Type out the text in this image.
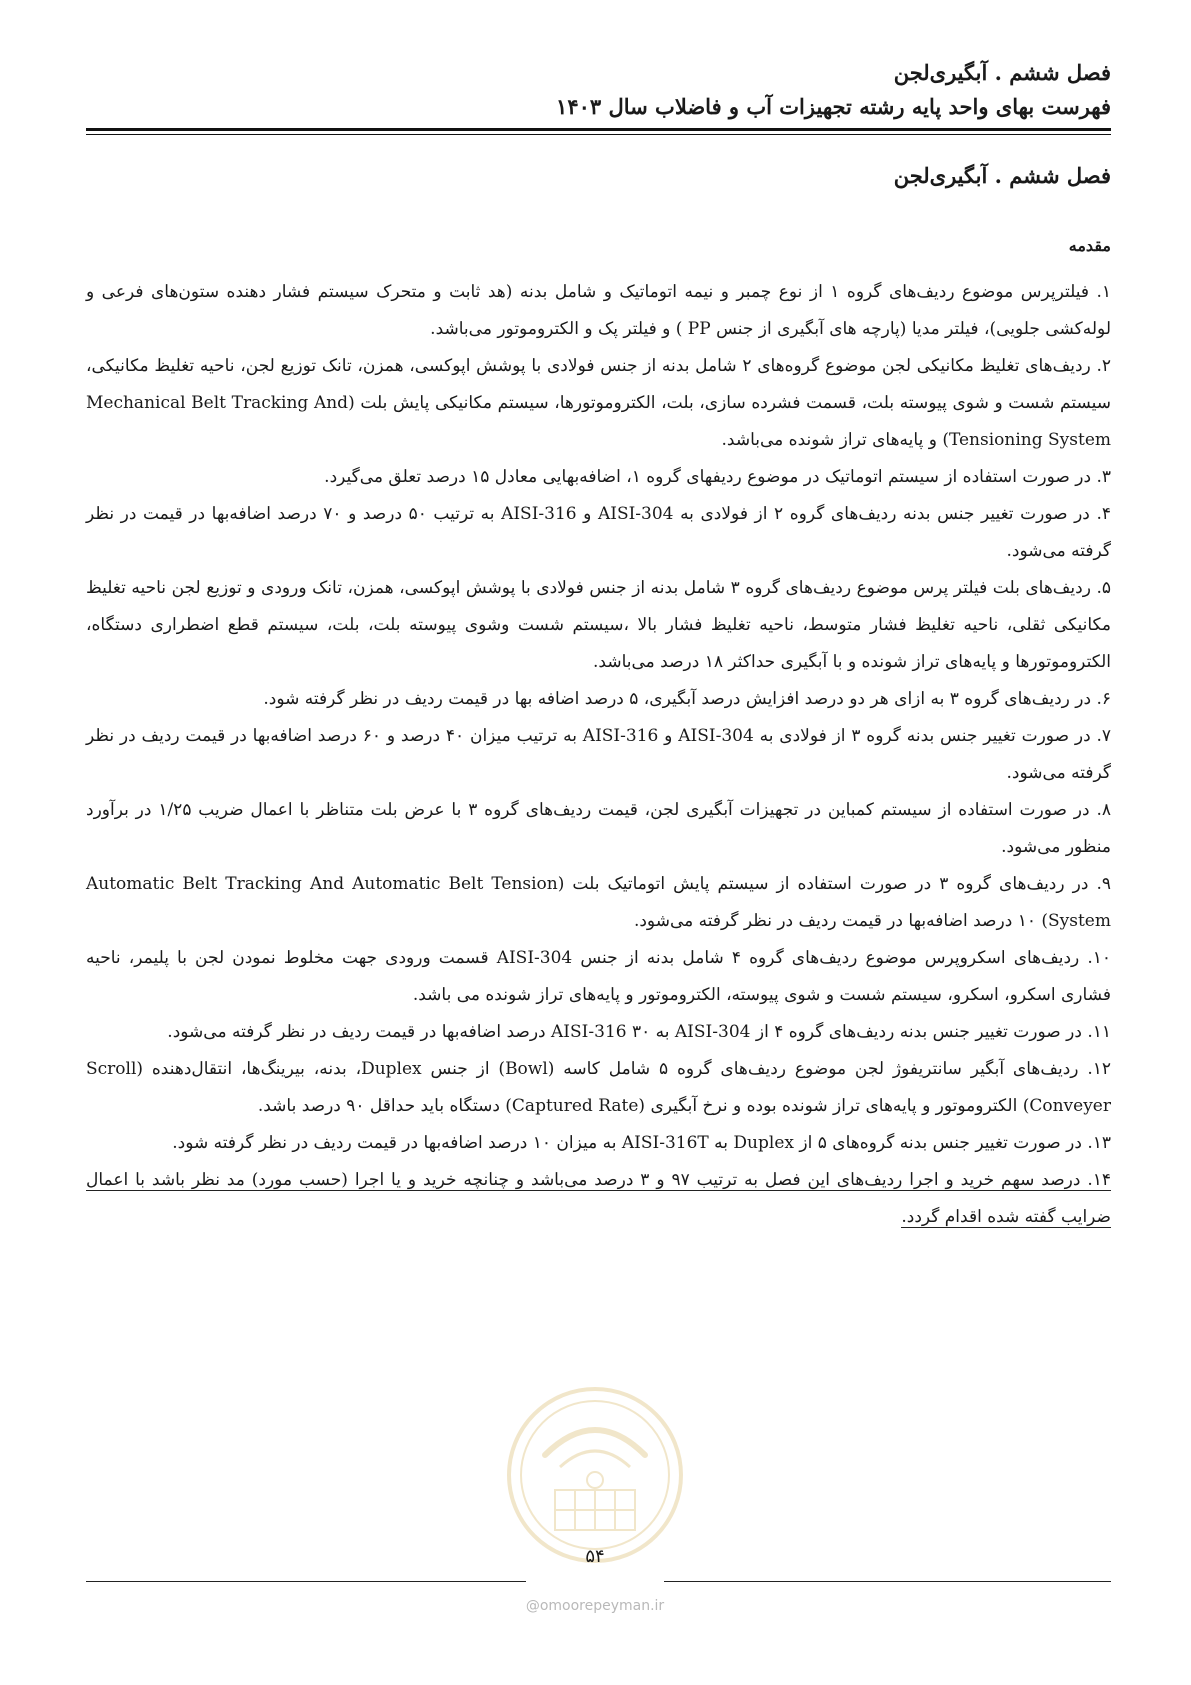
فصل ششم . آبگیری‌لجن

فهرست بهای واحد پایه رشته تجهیزات آب و فاضلاب سال ۱۴۰۳

فصل ششم . آبگیری‌لجن
مقدمه
۱. فیلترپرس موضوع ردیف‌های گروه ۱ از نوع چمبر و نیمه اتوماتیک و شامل بدنه (هد ثابت و متحرک سیستم فشار دهنده ستون‌های فرعی و لوله‌کشی جلویی)، فیلتر مدیا (پارچه های آبگیری از جنس PP ) و فیلتر پک و الکتروموتور می‌باشد.
۲. ردیف‌های تغلیظ مکانیکی لجن موضوع گروه‌های ۲ شامل بدنه از جنس فولادی با پوشش اپوکسی، همزن، تانک توزیع لجن، ناحیه تغلیظ مکانیکی، سیستم شست و شوی پیوسته بلت، قسمت فشرده سازی، بلت، الکتروموتورها، سیستم مکانیکی پایش بلت (Mechanical Belt Tracking And Tensioning System) و پایه‌های تراز شونده می‌باشد.
۳. در صورت استفاده از سیستم اتوماتیک در موضوع ردیفهای گروه ۱، اضافه‌بهایی معادل ۱۵ درصد تعلق می‌گیرد.
۴. در صورت تغییر جنس بدنه ردیف‌های گروه ۲ از فولادی به AISI-304 و AISI-316 به ترتیب ۵۰ درصد و ۷۰ درصد اضافه‌بها در قیمت در نظر گرفته می‌شود.
۵. ردیف‌های بلت فیلتر پرس موضوع ردیف‌های گروه ۳ شامل بدنه از جنس فولادی با پوشش اپوکسی، همزن، تانک ورودی و توزیع لجن ناحیه تغلیظ مکانیکی ثقلی، ناحیه تغلیظ فشار متوسط، ناحیه تغلیظ فشار بالا ،سیستم شست وشوی پیوسته بلت، بلت، سیستم قطع اضطراری دستگاه، الکتروموتورها و پایه‌های تراز شونده و با آبگیری حداکثر ۱۸ درصد می‌باشد.
۶. در ردیف‌های گروه ۳ به ازای هر دو درصد افزایش درصد آبگیری، ۵ درصد اضافه بها در قیمت ردیف در نظر گرفته شود.
۷. در صورت تغییر جنس بدنه گروه ۳ از فولادی به AISI-304 و AISI-316 به ترتیب میزان ۴۰ درصد و ۶۰ درصد اضافه‌بها در قیمت ردیف در نظر گرفته می‌شود.
۸. در صورت استفاده از سیستم کمباین در تجهیزات آبگیری لجن، قیمت ردیف‌های گروه ۳ با عرض بلت متناظر با اعمال ضریب ۱/۲۵ در برآورد منظور می‌شود.
۹. در ردیف‌های گروه ۳ در صورت استفاده از سیستم پایش اتوماتیک بلت (Automatic Belt Tracking And Automatic Belt Tension System) ۱۰ درصد اضافه‌بها در قیمت ردیف در نظر گرفته می‌شود.
۱۰. ردیف‌های اسکروپرس موضوع ردیف‌های گروه ۴ شامل بدنه از جنس AISI-304 قسمت ورودی جهت مخلوط نمودن لجن با پلیمر، ناحیه فشاری اسکرو، اسکرو، سیستم شست و شوی پیوسته، الکتروموتور و پایه‌های تراز شونده می باشد.
۱۱. در صورت تغییر جنس بدنه ردیف‌های گروه ۴ از AISI-304 به AISI-316 ۳۰ درصد اضافه‌بها در قیمت ردیف در نظر گرفته می‌شود.
۱۲. ردیف‌های آبگیر سانتریفوژ لجن موضوع ردیف‌های گروه ۵ شامل کاسه (Bowl) از جنس Duplex، بدنه، بیرینگ‌ها، انتقال‌دهنده (Scroll Conveyer) الکتروموتور و پایه‌های تراز شونده بوده و نرخ آبگیری (Captured Rate) دستگاه باید حداقل ۹۰ درصد باشد.
۱۳. در صورت تغییر جنس بدنه گروه‌های ۵ از Duplex به AISI-316T به میزان ۱۰ درصد اضافه‌بها در قیمت ردیف در نظر گرفته شود.
۱۴. درصد سهم خرید و اجرا ردیف‌های این فصل به ترتیب ۹۷ و ۳ درصد می‌باشد و چنانچه خرید و یا اجرا (حسب مورد) مد نظر باشد با اعمال ضرایب گفته شده اقدام گردد.

۵۴

@omoorepeyman.ir
